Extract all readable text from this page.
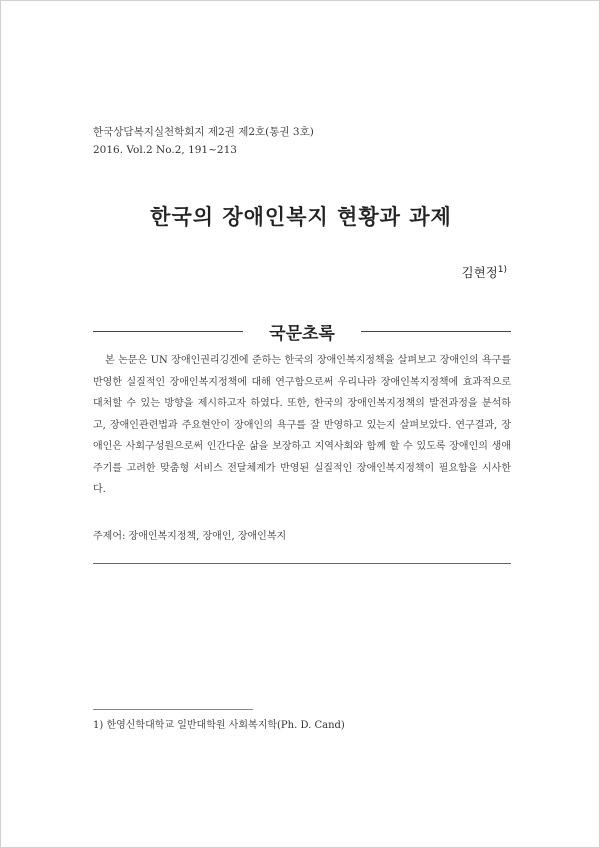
한국상담복지실천학회지 제2권 제2호(통권 3호)
2016. Vol.2 No.2, 191~213
한국의 장애인복지 현황과 과제
김현정$^{1)}$
국문초록
본 논문은 UN 장애인권리깅겐에 준하는 한국의 장애인복지정책을 살펴보고 장애인의 욕구를 반영한 실질적인 장애인복지정책에 대해 연구함으로써 우리나라 장애인복지정책에 효과적으로 대처할 수 있는 방향을 제시하고자 하였다. 또한, 한국의 장애인복지정책의 발전과정을 분석하고, 장애인관련법과 주요현안이 장애인의 욕구를 잘 반영하고 있는지 살펴보았다. 연구결과, 장애인은 사회구성원으로써 인간다운 삶을 보장하고 지역사회와 함께 할 수 있도록 장애인의 생애주기를 고려한 맞춤형 서비스 전달체계가 반영된 실질적인 장애인복지정책이 필요함을 시사한다.
주제어: 장애인복지정책, 장애인, 장애인복지
1) 한영신학대학교 일반대학원 사회복지학(Ph. D. Cand)
